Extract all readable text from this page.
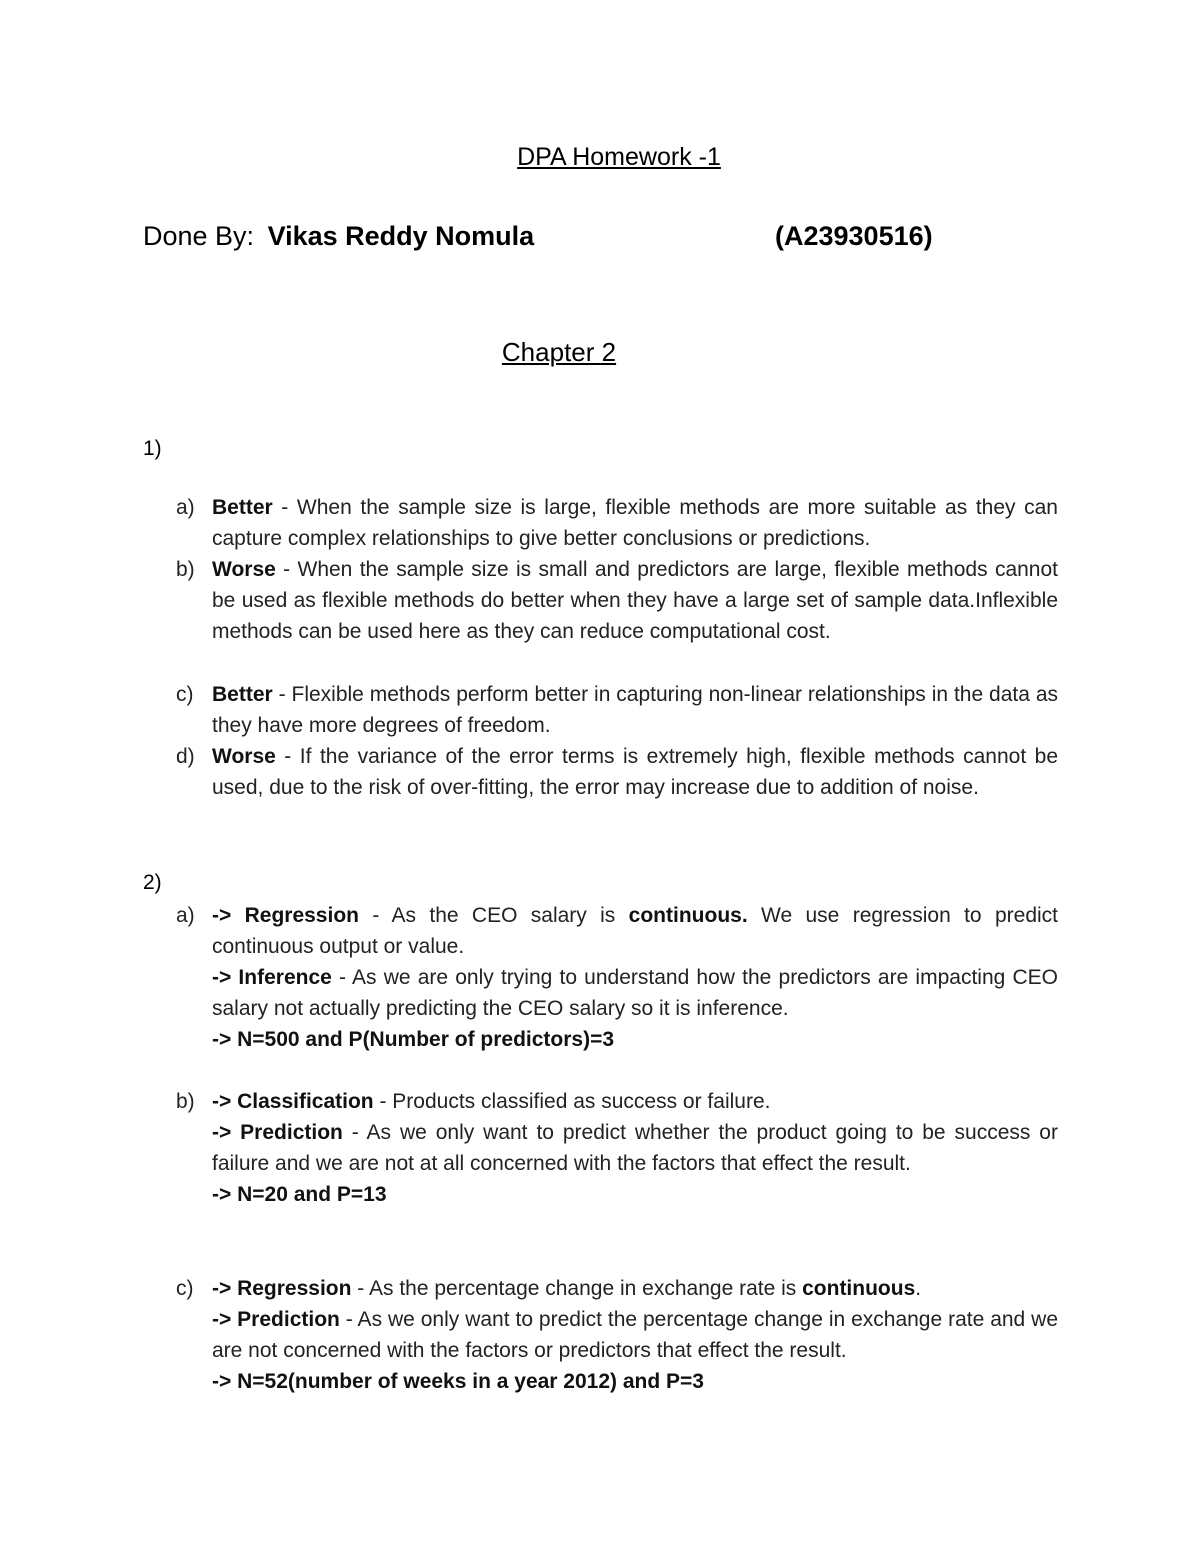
DPA Homework -1
Done By: Vikas Reddy Nomula	(A23930516)
Chapter 2
1)
a) Better - When the sample size is large, flexible methods are more suitable as they can capture complex relationships to give better conclusions or predictions.
b) Worse - When the sample size is small and predictors are large, flexible methods cannot be used as flexible methods do better when they have a large set of sample data.Inflexible methods can be used here as they can reduce computational cost.
c) Better - Flexible methods perform better in capturing non-linear relationships in the data as they have more degrees of freedom.
d) Worse - If the variance of the error terms is extremely high, flexible methods cannot be used, due to the risk of over-fitting, the error may increase due to addition of noise.
2)
a) -> Regression - As the CEO salary is continuous. We use regression to predict continuous output or value.
-> Inference - As we are only trying to understand how the predictors are impacting CEO salary not actually predicting the CEO salary so it is inference.
-> N=500 and P(Number of predictors)=3
b) -> Classification - Products classified as success or failure.
-> Prediction - As we only want to predict whether the product going to be success or failure and we are not at all concerned with the factors that effect the result.
-> N=20 and P=13
c) -> Regression - As the percentage change in exchange rate is continuous.
-> Prediction - As we only want to predict the percentage change in exchange rate and we are not concerned with the factors or predictors that effect the result.
-> N=52(number of weeks in a year 2012) and P=3
